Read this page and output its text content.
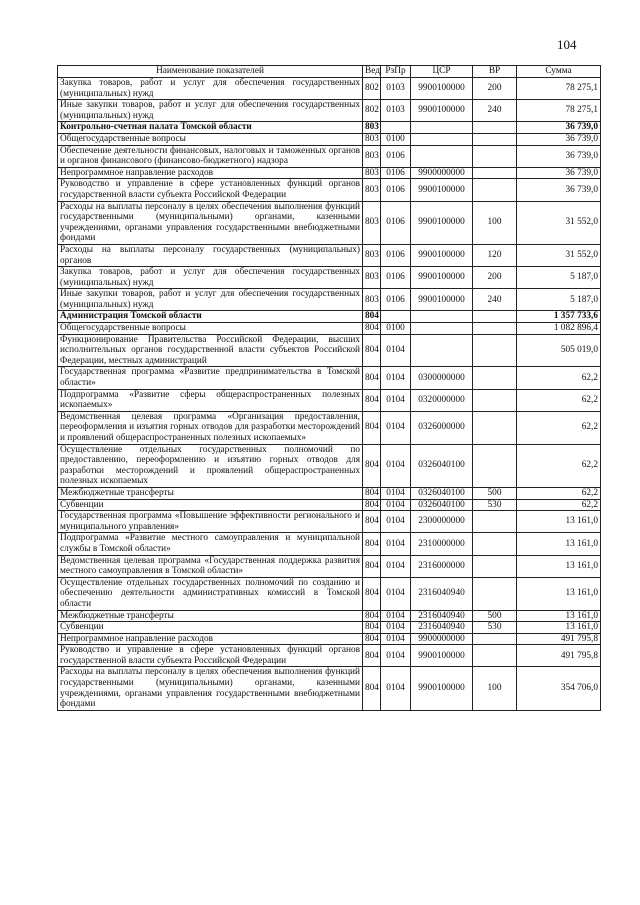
104
Наименование показателей	Вед	РзПр	ЦСР	ВР	Сумма
Закупка товаров, работ и услуг для обеспечения государственных (муниципальных) нужд	802	0103	9900100000	200	78 275,1
Иные закупки товаров, работ и услуг для обеспечения государственных (муниципальных) нужд	802	0103	9900100000	240	78 275,1
Контрольно-счетная палата Томской области	803				36 739,0
Общегосударственные вопросы	803	0100			36 739,0
Обеспечение деятельности финансовых, налоговых и таможенных органов и органов финансового (финансово-бюджетного) надзора	803	0106			36 739,0
Непрограммное направление расходов	803	0106	9900000000		36 739,0
Руководство и управление в сфере установленных функций органов государственной власти субъекта Российской Федерации	803	0106	9900100000		36 739,0
Расходы на выплаты персоналу в целях обеспечения выполнения функций государственными (муниципальными) органами, казенными учреждениями, органами управления государственными внебюджетными фондами	803	0106	9900100000	100	31 552,0
Расходы на выплаты персоналу государственных (муниципальных) органов	803	0106	9900100000	120	31 552,0
Закупка товаров, работ и услуг для обеспечения государственных (муниципальных) нужд	803	0106	9900100000	200	5 187,0
Иные закупки товаров, работ и услуг для обеспечения государственных (муниципальных) нужд	803	0106	9900100000	240	5 187,0
Администрация Томской области	804				1 357 733,6
Общегосударственные вопросы	804	0100			1 082 896,4
Функционирование Правительства Российской Федерации, высших исполнительных органов государственной власти субъектов Российской Федерации, местных администраций	804	0104			505 019,0
Государственная программа «Развитие предпринимательства в Томской области»	804	0104	0300000000		62,2
Подпрограмма «Развитие сферы общераспространенных полезных ископаемых»	804	0104	0320000000		62,2
Ведомственная целевая программа «Организация предоставления, переоформления и изъятия горных отводов для разработки месторождений и проявлений общераспространенных полезных ископаемых»	804	0104	0326000000		62,2
Осуществление отдельных государственных полномочий по предоставлению, переоформлению и изъятию горных отводов для разработки месторождений и проявлений общераспространенных полезных ископаемых	804	0104	0326040100		62,2
Межбюджетные трансферты	804	0104	0326040100	500	62,2
Субвенции	804	0104	0326040100	530	62,2
Государственная программа «Повышение эффективности регионального и муниципального управления»	804	0104	2300000000		13 161,0
Подпрограмма «Развитие местного самоуправления и муниципальной службы в Томской области»	804	0104	2310000000		13 161,0
Ведомственная целевая программа «Государственная поддержка развития местного самоуправления в Томской области»	804	0104	2316000000		13 161,0
Осуществление отдельных государственных полномочий по созданию и обеспечению деятельности административных комиссий в Томской области	804	0104	2316040940		13 161,0
Межбюджетные трансферты	804	0104	2316040940	500	13 161,0
Субвенции	804	0104	2316040940	530	13 161,0
Непрограммное направление расходов	804	0104	9900000000		491 795,8
Руководство и управление в сфере установленных функций органов государственной власти субъекта Российской Федерации	804	0104	9900100000		491 795,8
Расходы на выплаты персоналу в целях обеспечения выполнения функций государственными (муниципальными) органами, казенными учреждениями, органами управления государственными внебюджетными фондами	804	0104	9900100000	100	354 706,0
